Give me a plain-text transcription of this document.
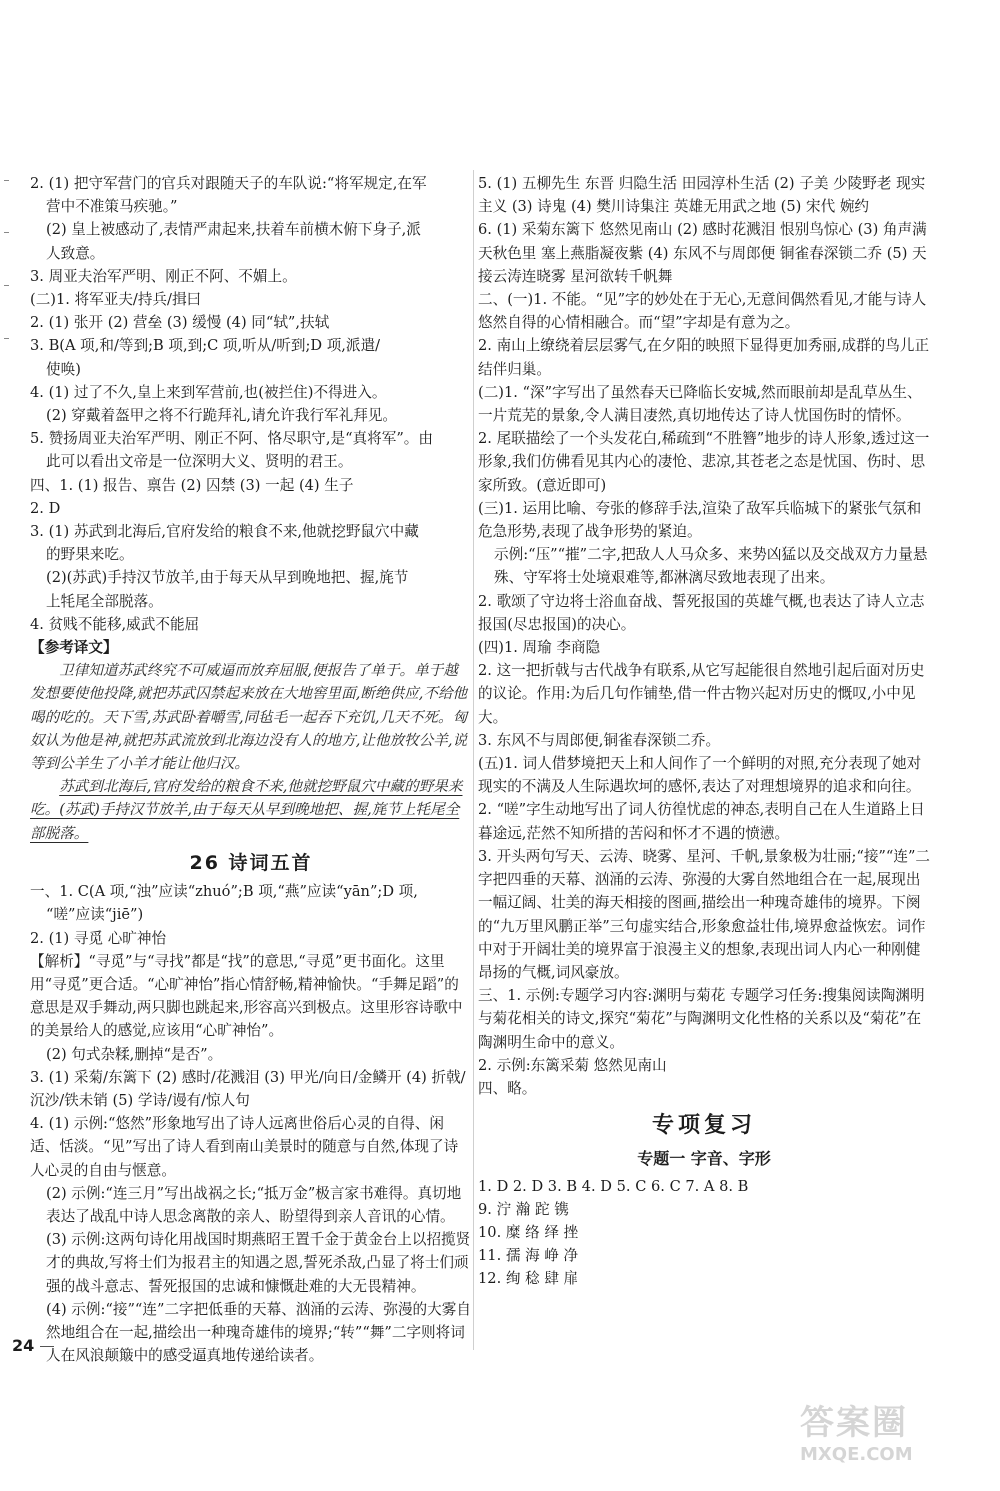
2. (1) 把守军营门的官兵对跟随天子的车队说:“将军规定,在军
营中不准策马疾驰。”
(2) 皇上被感动了,表情严肃起来,扶着车前横木俯下身子,派
人致意。
3. 周亚夫治军严明、刚正不阿、不媚上。
(二)1. 将军亚夫/持兵/揖曰
2. (1) 张开 (2) 营垒 (3) 缓慢 (4) 同“轼”,扶轼
3. B(A 项,和/等到;B 项,到;C 项,听从/听到;D 项,派遣/
使唤)
4. (1) 过了不久,皇上来到军营前,也(被拦住)不得进入。
(2) 穿戴着盔甲之将不行跪拜礼,请允许我行军礼拜见。
5. 赞扬周亚夫治军严明、刚正不阿、恪尽职守,是“真将军”。由
此可以看出文帝是一位深明大义、贤明的君王。
四、1. (1) 报告、禀告 (2) 囚禁 (3) 一起 (4) 生子
2. D
3. (1) 苏武到北海后,官府发给的粮食不来,他就挖野鼠穴中藏
的野果来吃。
(2)(苏武)手持汉节放羊,由于每天从早到晚地把、握,旄节
上牦尾全部脱落。
4. 贫贱不能移,威武不能屈
【参考译文】

卫律知道苏武终究不可威逼而放弃屈服,便报告了单于。单于越发想要使他投降,就把苏武囚禁起来放在大地窖里面,断绝供应,不给他喝的吃的。天下雪,苏武卧着嚼雪,同毡毛一起吞下充饥,几天不死。匈奴认为他是神,就把苏武流放到北海边没有人的地方,让他放牧公羊,说等到公羊生了小羊才能让他归汉。

苏武到北海后,官府发给的粮食不来,他就挖野鼠穴中藏的野果来吃。(苏武)手持汉节放羊,由于每天从早到晚地把、握,旄节上牦尾全部脱落。

26 诗词五首
一、1. C(A 项,“浊”应读“zhuó”;B 项,“燕”应读“yān”;D 项,
“嗟”应读“jiē”)
2. (1) 寻觅 心旷神怡
【解析】“寻觅”与“寻找”都是“找”的意思,“寻觅”更书面化。这里用“寻觅”更合适。“心旷神怡”指心情舒畅,精神愉快。“手舞足蹈”的意思是双手舞动,两只脚也跳起来,形容高兴到极点。这里形容诗歌中的美景给人的感觉,应该用“心旷神怡”。
(2) 句式杂糅,删掉“是否”。
3. (1) 采菊/东篱下 (2) 感时/花溅泪 (3) 甲光/向日/金鳞开 (4) 折戟/沉沙/铁未销 (5) 学诗/谩有/惊人句
4. (1) 示例:“悠然”形象地写出了诗人远离世俗后心灵的自得、闲适、恬淡。“见”写出了诗人看到南山美景时的随意与自然,体现了诗人心灵的自由与惬意。
(2) 示例:“连三月”写出战祸之长;“抵万金”极言家书难得。真切地表达了战乱中诗人思念离散的亲人、盼望得到亲人音讯的心情。
(3) 示例:这两句诗化用战国时期燕昭王置千金于黄金台上以招揽贤才的典故,写将士们为报君主的知遇之恩,誓死杀敌,凸显了将士们顽强的战斗意志、誓死报国的忠诚和慷慨赴难的大无畏精神。
(4) 示例:“接”“连”二字把低垂的天幕、汹涌的云涛、弥漫的大雾自然地组合在一起,描绘出一种瑰奇雄伟的境界;“转”“舞”二字则将词人在风浪颠簸中的感受逼真地传递给读者。
5. (1) 五柳先生 东晋 归隐生活 田园淳朴生活 (2) 子美 少陵野老 现实主义 (3) 诗鬼 (4) 樊川诗集注 英雄无用武之地 (5) 宋代 婉约
6. (1) 采菊东篱下 悠然见南山 (2) 感时花溅泪 恨别鸟惊心 (3) 角声满天秋色里 塞上燕脂凝夜紫 (4) 东风不与周郎便 铜雀春深锁二乔 (5) 天接云涛连晓雾 星河欲转千帆舞
二、(一)1. 不能。“见”字的妙处在于无心,无意间偶然看见,才能与诗人悠然自得的心情相融合。而“望”字却是有意为之。
2. 南山上缭绕着层层雾气,在夕阳的映照下显得更加秀丽,成群的鸟儿正结伴归巢。
(二)1. “深”字写出了虽然春天已降临长安城,然而眼前却是乱草丛生、一片荒芜的景象,令人满目凄然,真切地传达了诗人忧国伤时的情怀。
2. 尾联描绘了一个头发花白,稀疏到“不胜簪”地步的诗人形象,透过这一形象,我们仿佛看见其内心的凄怆、悲凉,其苍老之态是忧国、伤时、思家所致。(意近即可)
(三)1. 运用比喻、夸张的修辞手法,渲染了敌军兵临城下的紧张气氛和危急形势,表现了战争形势的紧迫。
示例:“压”“摧”二字,把敌人人马众多、来势凶猛以及交战双方力量悬殊、守军将士处境艰难等,都淋漓尽致地表现了出来。
2. 歌颂了守边将士浴血奋战、誓死报国的英雄气概,也表达了诗人立志报国(尽忠报国)的决心。
(四)1. 周瑜 李商隐
2. 这一把折戟与古代战争有联系,从它写起能很自然地引起后面对历史的议论。作用:为后几句作铺垫,借一件古物兴起对历史的慨叹,小中见大。
3. 东风不与周郎便,铜雀春深锁二乔。
(五)1. 词人借梦境把天上和人间作了一个鲜明的对照,充分表现了她对现实的不满及人生际遇坎坷的感怀,表达了对理想境界的追求和向往。
2. “嗟”字生动地写出了词人彷徨忧虑的神态,表明自己在人生道路上日暮途远,茫然不知所措的苦闷和怀才不遇的愤懑。
3. 开头两句写天、云涛、晓雾、星河、千帆,景象极为壮丽;“接”“连”二字把四垂的天幕、汹涌的云涛、弥漫的大雾自然地组合在一起,展现出一幅辽阔、壮美的海天相接的图画,描绘出一种瑰奇雄伟的境界。下阕的“九万里风鹏正举”三句虚实结合,形象愈益壮伟,境界愈益恢宏。词作中对于开阔壮美的境界富于浪漫主义的想象,表现出词人内心一种刚健昂扬的气概,词风豪放。
三、1. 示例:专题学习内容:渊明与菊花 专题学习任务:搜集阅读陶渊明与菊花相关的诗文,探究“菊花”与陶渊明文化性格的关系以及“菊花”在陶渊明生命中的意义。
2. 示例:东篱采菊 悠然见南山
四、略。
专项复习
专题一 字音、字形
1. D 2. D 3. B 4. D 5. C 6. C 7. A 8. B
9. 泞 瀚 跎 镌
10. 糜 络 绎 挫
11. 孺 海 峥 净
12. 绚 稔 肆 扉
24
答案圈
MXQE.COM
